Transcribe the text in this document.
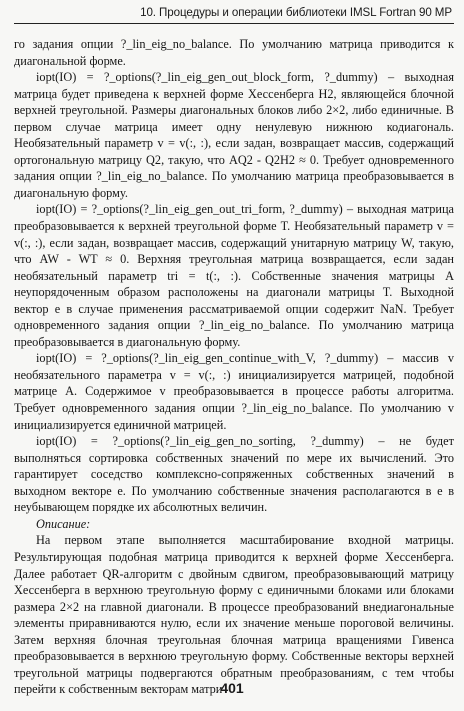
10. Процедуры и операции библиотеки IMSL Fortran 90 MP

го задания опции ?_lin_eig_no_balance. По умолчанию матрица приводится к диагональной форме.

iopt(IO) = ?_options(?_lin_eig_gen_out_block_form, ?_dummy) – выходная матрица будет приведена к верхней форме Хессенберга H2, являющейся блочной верхней треугольной. Размеры диагональных блоков либо 2×2, либо единичные. В первом случае матрица имеет одну ненулевую нижнюю кодиагональ. Необязательный параметр v = v(:, :), если задан, возвращает массив, содержащий ортогональную матрицу Q2, такую, что AQ2 - Q2H2 ≈ 0. Требует одновременного задания опции ?_lin_eig_no_balance. По умолчанию матрица преобразовывается в диагональную форму.

iopt(IO) = ?_options(?_lin_eig_gen_out_tri_form, ?_dummy) – выходная матрица преобразовывается к верхней треугольной форме T. Необязательный параметр v = v(:, :), если задан, возвращает массив, содержащий унитарную матрицу W, такую, что AW - WT ≈ 0. Верхняя треугольная матрица возвращается, если задан необязательный параметр tri = t(:, :). Собственные значения матрицы A неупорядоченным образом расположены на диагонали матрицы T. Выходной вектор e в случае применения рассматриваемой опции содержит NaN. Требует одновременного задания опции ?_lin_eig_no_balance. По умолчанию матрица преобразовывается в диагональную форму.

iopt(IO) = ?_options(?_lin_eig_gen_continue_with_V, ?_dummy) – массив v необязательного параметра v = v(:, :) инициализируется матрицей, подобной матрице A. Содержимое v преобразовывается в процессе работы алгоритма. Требует одновременного задания опции ?_lin_eig_no_balance. По умолчанию v инициализируется единичной матрицей.

iopt(IO) = ?_options(?_lin_eig_gen_no_sorting, ?_dummy) – не будет выполняться сортировка собственных значений по мере их вычислений. Это гарантирует соседство комплексно-сопряженных собственных значений в выходном векторе e. По умолчанию собственные значения располагаются в e в неубывающем порядке их абсолютных величин.

Описание:

На первом этапе выполняется масштабирование входной матрицы. Результирующая подобная матрица приводится к верхней форме Хессенберга. Далее работает QR-алгоритм с двойным сдвигом, преобразовывающий матрицу Хессенберга в верхнюю треугольную форму с единичными блоками или блоками размера 2×2 на главной диагонали. В процессе преобразований внедиагональные элементы приравниваются нулю, если их значение меньше пороговой величины. Затем верхняя блочная треугольная блочная матрица вращениями Гивенса преобразовывается в верхнюю треугольную форму. Собственные векторы верхней треугольной матрицы подвергаются обратным преобразованиям, с тем чтобы перейти к собственным векторам матри-

401
